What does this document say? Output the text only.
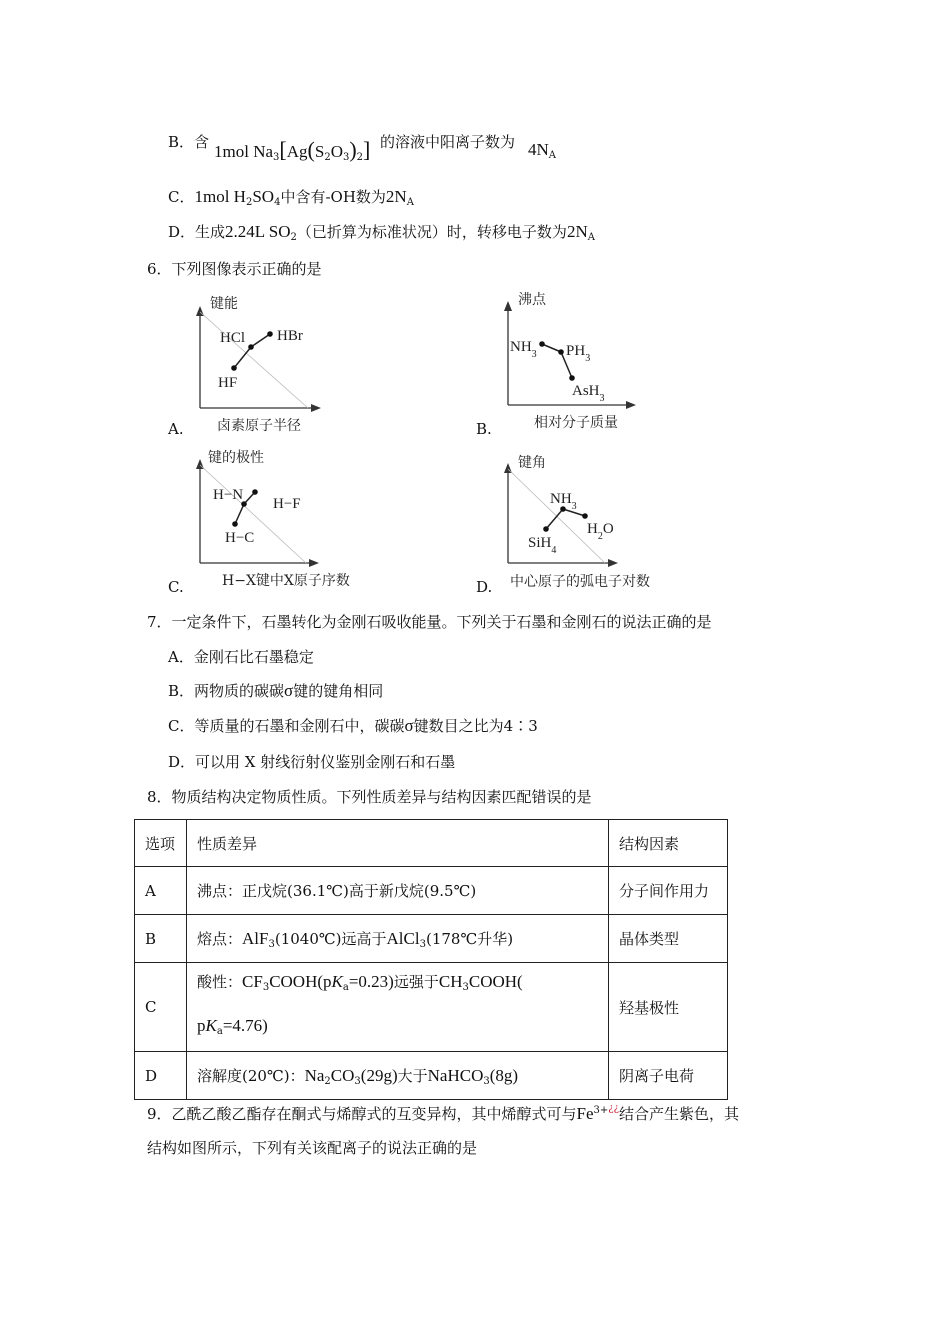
B．含 1mol $Na_3[Ag(S_2O_3)_2]$ 的溶液中阳离子数为 $4N_A$
C．1mol $H_2SO_4$中含有-OH数为$2N_A$
D．生成2.24L $SO_2$（已折算为标准状况）时，转移电子数为$2N_A$
6．下列图像表示正确的是
A.
键能
卤素原子半径
HF
HCl HBr
B.
沸点
相对分子质量
$NH_3$ $PH_3$
AsH$_3$
C.
键的极性
H−X键中X原子序数
H−C
H−N
H−F
D.
键角
中心原子的弧电子对数
SiH$_4$
$NH_3$
$H_2O$
7．一定条件下，石墨转化为金刚石吸收能量。下列关于石墨和金刚石的说法正确的是
A．金刚石比石墨稳定
B．两物质的碳碳σ键的键角相同
C．等质量的石墨和金刚石中，碳碳σ键数目之比为4∶3
D．可以用 X 射线衍射仪鉴别金刚石和石墨
8．物质结构决定物质性质。下列性质差异与结构因素匹配错误的是
选项	性质差异	结构因素
A	沸点：正戊烷(36.1℃)高于新戊烷(9.5℃)	分子间作用力
B	熔点：AlF$_3$(1040℃)远高于AlCl$_3$(178℃升华)	晶体类型
C	酸性：$CF_3COOH(pK_a=0.23)$远强于$CH_3COOH$(
$pK_a=4.76$)	羟基极性
D	溶解度(20℃)：$Na_2CO_3(29g)$大于NaHCO$_3$(8g)	阴离子电荷
9．乙酰乙酸乙酯存在酮式与烯醇式的互变异构，其中烯醇式可与$Fe^{3+¿¿}$结合产生紫色，其
结构如图所示，下列有关该配离子的说法正确的是
